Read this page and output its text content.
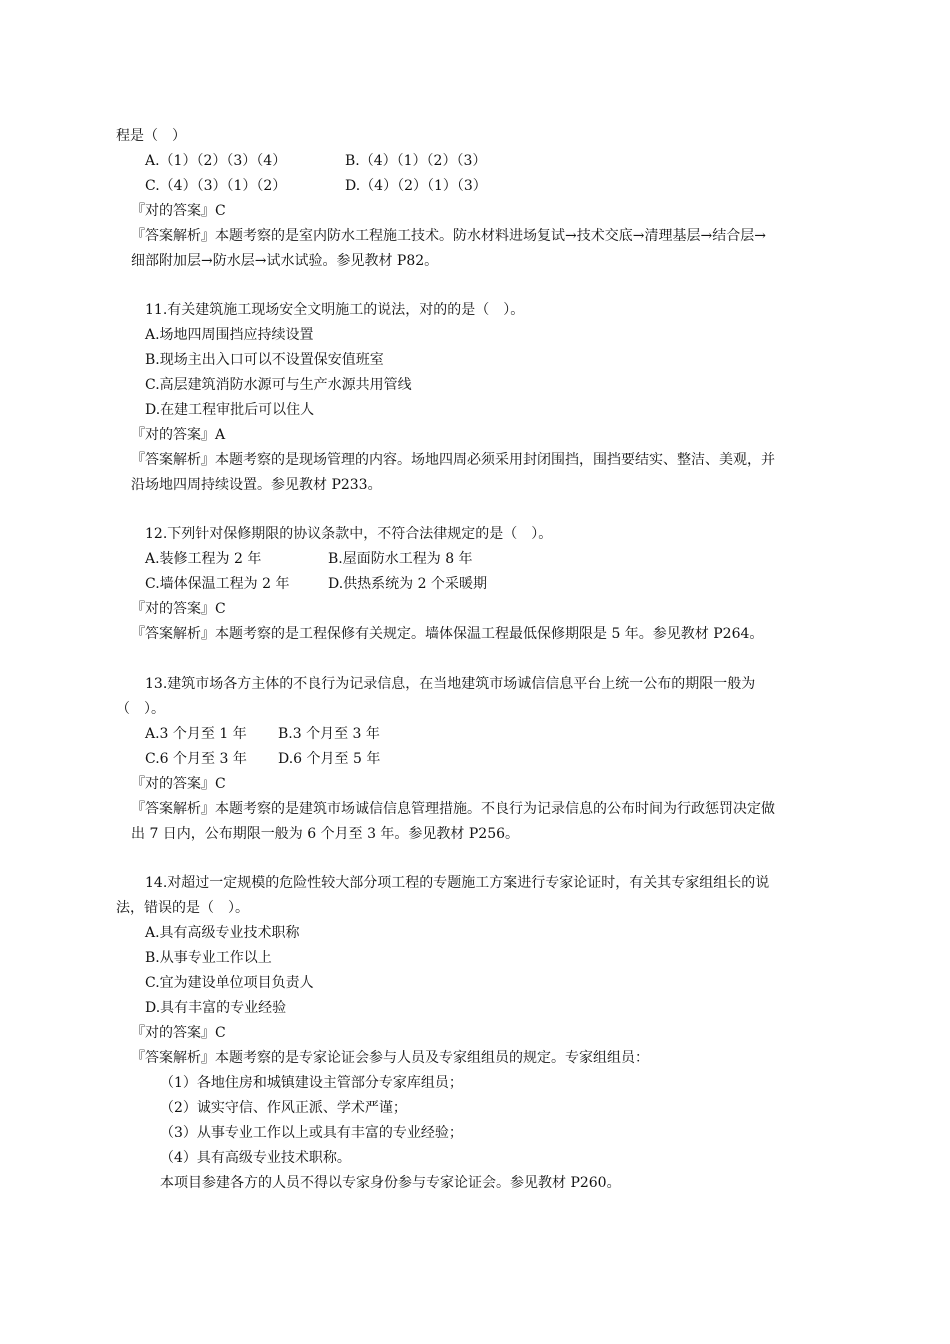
程是（　）
A.（1）（2）（3）（4）	B.（4）（1）（2）（3）
C.（4）（3）（1）（2）	D.（4）（2）（1）（3）
『对的答案』C
『答案解析』本题考察的是室内防水工程施工技术。防水材料进场复试→技术交底→清理基层→结合层→
细部附加层→防水层→试水试验。参见教材 P82。
11.有关建筑施工现场安全文明施工的说法，对的的是（　）。
A.场地四周围挡应持续设置
B.现场主出入口可以不设置保安值班室
C.高层建筑消防水源可与生产水源共用管线
D.在建工程审批后可以住人
『对的答案』A
『答案解析』本题考察的是现场管理的内容。场地四周必须采用封闭围挡，围挡要结实、整洁、美观，并
沿场地四周持续设置。参见教材 P233。
12.下列针对保修期限的协议条款中，不符合法律规定的是（　）。
A.装修工程为 2 年	B.屋面防水工程为 8 年
C.墙体保温工程为 2 年	D.供热系统为 2 个采暖期
『对的答案』C
『答案解析』本题考察的是工程保修有关规定。墙体保温工程最低保修期限是 5 年。参见教材 P264。
13.建筑市场各方主体的不良行为记录信息，在当地建筑市场诚信信息平台上统一公布的期限一般为
（　）。
A.3 个月至 1 年 B.3 个月至 3 年
C.6 个月至 3 年 D.6 个月至 5 年
『对的答案』C
『答案解析』本题考察的是建筑市场诚信信息管理措施。不良行为记录信息的公布时间为行政惩罚决定做
出 7 日内，公布期限一般为 6 个月至 3 年。参见教材 P256。
14.对超过一定规模的危险性较大部分项工程的专题施工方案进行专家论证时，有关其专家组组长的说
法，错误的是（　）。
A.具有高级专业技术职称
B.从事专业工作以上
C.宜为建设单位项目负责人
D.具有丰富的专业经验
『对的答案』C
『答案解析』本题考察的是专家论证会参与人员及专家组组员的规定。专家组组员：
（1）各地住房和城镇建设主管部分专家库组员；
（2）诚实守信、作风正派、学术严谨；
（3）从事专业工作以上或具有丰富的专业经验；
（4）具有高级专业技术职称。
本项目参建各方的人员不得以专家身份参与专家论证会。参见教材 P260。
